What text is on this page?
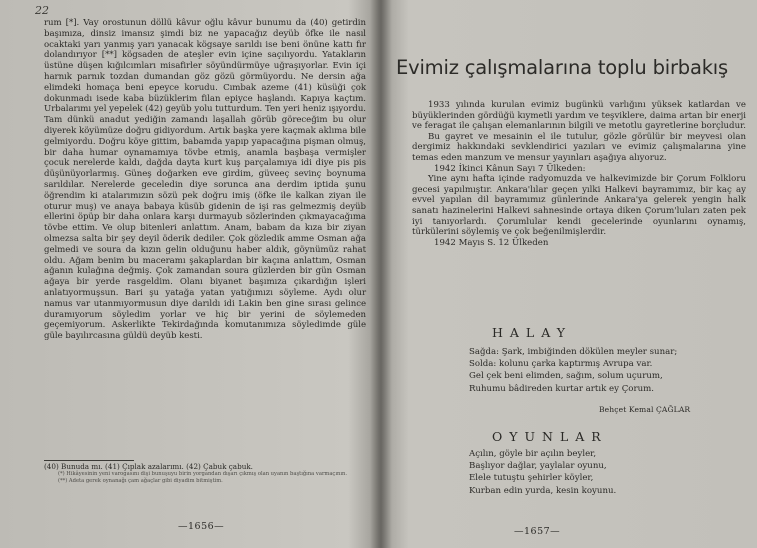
22

rum [*]. Vay orostunun döllü kâvur oğlu kâvur bunumu da (40) getirdin başımıza, dinsiz imansız şimdi biz ne yapacağız deyüb öfke ile nasıl ocaktaki yarı yanmış yarı yanacak kögsaye sarıldı ise beni önüne kattı fır dolandırıyor [**] kögsaden de ateşler evin içine saçılıyordu. Yatakların üstüne düşen kığılcımları misafirler söyündürmüye uğraşıyorlar. Evin içi harnık parnık tozdan dumandan göz gözü görmüyordu. Ne dersin ağa elimdeki homaça beni epeyce korudu. Cımbak azeme (41) küsüği çok dokunmadı isede kaba büzüklerim filan epiyce haşlandı. Kapıya kaçtım. Urbalarımı yel yepelek (42) geyüb yolu tutturdum. Ten yeri heniz ışıyordu. Tam dünkü anadut yediğin zamandı laşallah görüb göreceğim bu olur diyerek köyümüze doğru gidiyordum. Artık başka yere kaçmak aklıma bile gelmiyordu. Doğru köye gittim, babamda yapıp yapacağına pişman olmuş, bir daha humar oynamamıya tövbe etmiş, anamla başbaşa vermişler çocuk nerelerde kaldı, dağda dayta kurt kuş parçalamıya idi diye pis pis düşünüyorlarmış. Güneş doğarken eve girdim, güveeç sevinç boynuma sarıldılar. Nerelerde geceledin diye sorunca ana derdim iptida şunu öğrendim ki atalarımızın sözü pek doğru imiş (öfke ile kalkan ziyan ile oturur muş) ve anaya babaya küsüb gidenin de işi ras gelmezmiş deyüb ellerini öpüp bir daha onlara karşı durmayub sözlerinden çıkmayacağıma tövbe ettim. Ve olup bitenleri anlattım. Anam, babam da kıza bir ziyan olmezsa salta bir şey deyil öderik dediler. Çok gözledik amme Osman ağa gelmedi ve soura da kızın gelin olduğunu haber aldık, göynümüz rahat oldu. Ağam benim bu maceramı şakaplardan bir kaçına anlattım, Osman ağanın kulağına değmiş. Çok zamandan soura güzlerden bir gün Osman ağaya bir yerde rasgeldim. Olanı biyanet başımıza çıkardığın işleri anlatıyormuşsun. Bari şu yatağa yatan yatığımızı söyleme. Aydı olur namus var utanmıyormusun diye darıldı idi Lakin ben gine sırası gelince duramıyorum söyledim yorlar ve hiç bir yerini de söylemeden geçemiyorum. Askerlikte Tekirdağında komutanımıza söyledimde güle güle bayılırcasına güldü deyüb kesti.

(40) Bunuda mı. (41) Çıplak azalarımı. (42) Çabuk çabuk.

(*) Hikâyesinin yeni varogasını dişi bunuşuyu birin yorgandan dışarı çıkmış olan uyanın baştığına varmaçının.

(**) Adeta gerek oynanağı çam ağaçlar gibi diyadim bitmiştim.

—1656—
Evimiz çalışmalarına toplu birbakış

1933 yılında kurulan evimiz bugünkü varlığını yüksek katlardan ve büyüklerinden gördüğü kıymetli yardım ve teşviklere, daima artan bir enerji ve feragat ile çalışan elemanlarının bilgili ve metotlu gayretlerine borçludur.

Bu gayret ve mesainin el ile tutulur, gözle görülür bir meyvesi olan dergimiz hakkındaki sevklendirici yazıları ve evimiz çalışmalarına yine temas eden manzum ve mensur yayınları aşağıya alıyoruz.

1942 İkinci Kânun Sayı 7 Ülkeden:

Yine aynı hafta içinde radyomuzda ve halkevimizde bir Çorum Folkloru gecesi yapılmıştır. Ankara'lılar geçen yılki Halkevi bayramımız, bir kaç ay evvel yapılan dil bayramımız günlerinde Ankara'ya gelerek yengin halk sanatı hazinelerini Halkevi sahnesinde ortaya diken Çorum'luları zaten pek iyi tanıyorlardı. Çorumlular kendi gecelerinde oyunlarını oynamış, türkülerini söylemiş ve çok beğenilmişlerdir.

1942 Mayıs S. 12 Ülkeden

HALAY

Sağda: Şark, imbiğinden dökülen meyler sunar;

Solda: kolunu çarka kaptırmış Avrupa var.

Gel çek beni elimden, sağım, solum uçurum,

Ruhumu bâdireden kurtar artık ey Çorum.

Behçet Kemal ÇAĞLAR
OYUNLAR

Açılın, göyle bir açılın beyler,

Başlıyor dağlar, yaylalar oyunu,

Elele tutuştu şehirler köyler,

Kurban edin yurda, kesin koyunu.

—1657—
